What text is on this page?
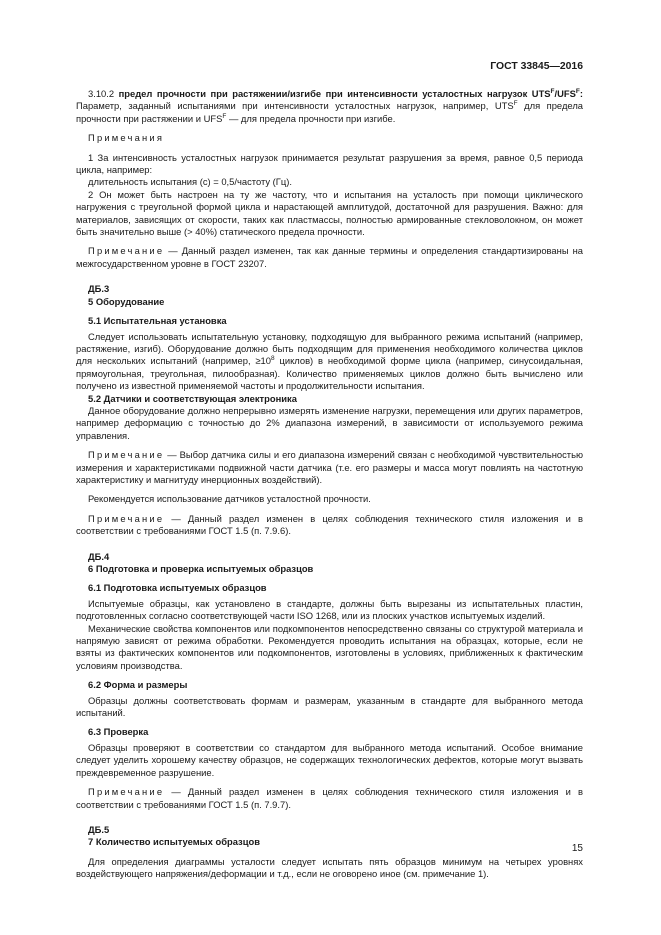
ГОСТ 33845—2016

3.10.2 предел прочности при растяжении/изгибе при интенсивности усталостных нагрузок $UTS^F/UFS^F$: Параметр, заданный испытаниями при интенсивности усталостных нагрузок, например, $UTS^F$ для предела прочности при растяжении и $UFS^F$ — для предела прочности при изгибе.

Примечания

1 За интенсивность усталостных нагрузок принимается результат разрушения за время, равное 0,5 периода цикла, например:

длительность испытания (с) = 0,5/частоту (Гц).

2 Он может быть настроен на ту же частоту, что и испытания на усталость при помощи циклического нагружения с треугольной формой цикла и нарастающей амплитудой, достаточной для разрушения. Важно: для материалов, зависящих от скорости, таких как пластмассы, полностью армированные стекловолокном, он может быть значительно выше (> 40%) статического предела прочности.

Примечание — Данный раздел изменен, так как данные термины и определения стандартизированы на межгосударственном уровне в ГОСТ 23207.

ДБ.3
5 Оборудование
5.1 Испытательная установка

Следует использовать испытательную установку, подходящую для выбранного режима испытаний (например, растяжение, изгиб). Оборудование должно быть подходящим для применения необходимого количества циклов для нескольких испытаний (например, $\ge 10^8$ циклов) в необходимой форме цикла (например, синусоидальная, прямоугольная, треугольная, пилообразная). Количество применяемых циклов должно быть вычислено или получено из известной применяемой частоты и продолжительности испытания.

5.2 Датчики и соответствующая электроника

Данное оборудование должно непрерывно измерять изменение нагрузки, перемещения или других параметров, например деформацию с точностью до 2% диапазона измерений, в зависимости от используемого режима управления.

Примечание — Выбор датчика силы и его диапазона измерений связан с необходимой чувствительностью измерения и характеристиками подвижной части датчика (т.е. его размеры и масса могут повлиять на частотную характеристику и магнитуду инерционных воздействий).

Рекомендуется использование датчиков усталостной прочности.

Примечание — Данный раздел изменен в целях соблюдения технического стиля изложения и в соответствии с требованиями ГОСТ 1.5 (п. 7.9.6).

ДБ.4
6 Подготовка и проверка испытуемых образцов
6.1 Подготовка испытуемых образцов

Испытуемые образцы, как установлено в стандарте, должны быть вырезаны из испытательных пластин, подготовленных согласно соответствующей части ISO 1268, или из плоских участков испытуемых изделий.

Механические свойства компонентов или подкомпонентов непосредственно связаны со структурой материала и напрямую зависят от режима обработки. Рекомендуется проводить испытания на образцах, которые, если не взяты из фактических компонентов или подкомпонентов, изготовлены в условиях, приближенных к фактическим условиям производства.

6.2 Форма и размеры

Образцы должны соответствовать формам и размерам, указанным в стандарте для выбранного метода испытаний.

6.3 Проверка

Образцы проверяют в соответствии со стандартом для выбранного метода испытаний. Особое внимание следует уделить хорошему качеству образцов, не содержащих технологических дефектов, которые могут вызвать преждевременное разрушение.

Примечание — Данный раздел изменен в целях соблюдения технического стиля изложения и в соответствии с требованиями ГОСТ 1.5 (п. 7.9.7).

ДБ.5
7 Количество испытуемых образцов

Для определения диаграммы усталости следует испытать пять образцов минимум на четырех уровнях воздействующего напряжения/деформации и т.д., если не оговорено иное (см. примечание 1).

15
